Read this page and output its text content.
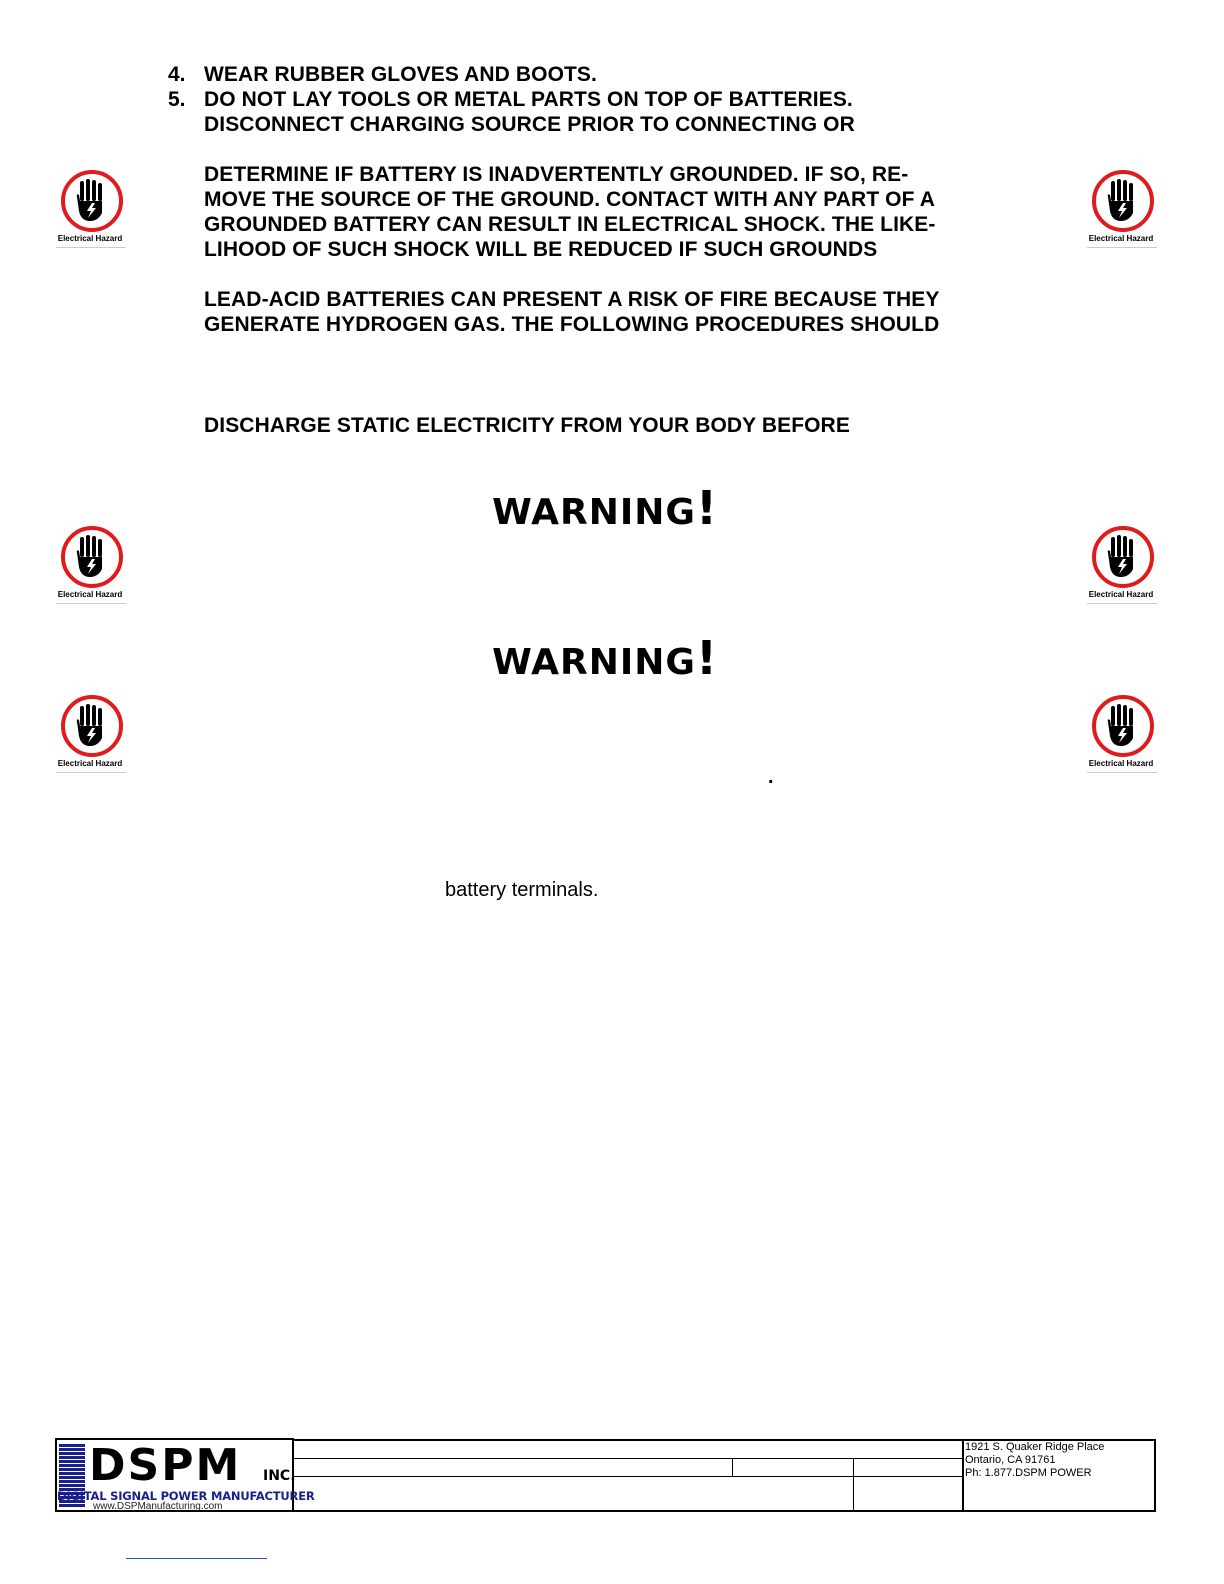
4. WEAR RUBBER GLOVES AND BOOTS.
5. DO NOT LAY TOOLS OR METAL PARTS ON TOP OF BATTERIES.
DISCONNECT CHARGING SOURCE PRIOR TO CONNECTING OR
DETERMINE IF BATTERY IS INADVERTENTLY GROUNDED. IF SO, RE-
MOVE THE SOURCE OF THE GROUND. CONTACT WITH ANY PART OF A
GROUNDED BATTERY CAN RESULT IN ELECTRICAL SHOCK. THE LIKE-
LIHOOD OF SUCH SHOCK WILL BE REDUCED IF SUCH GROUNDS
LEAD-ACID BATTERIES CAN PRESENT A RISK OF FIRE BECAUSE THEY
GENERATE HYDROGEN GAS. THE FOLLOWING PROCEDURES SHOULD
DISCHARGE STATIC ELECTRICITY FROM YOUR BODY BEFORE
WARNING!
WARNING!
.
battery terminals.
Electrical Hazard	Electrical Hazard
Electrical Hazard	Electrical Hazard
Electrical Hazard	Electrical Hazard
DSPM INC.
DIGITAL SIGNAL POWER MANUFACTURER
www.DSPManufacturing.com
1921 S. Quaker Ridge Place
Ontario, CA 91761
Ph: 1.877.DSPM POWER
